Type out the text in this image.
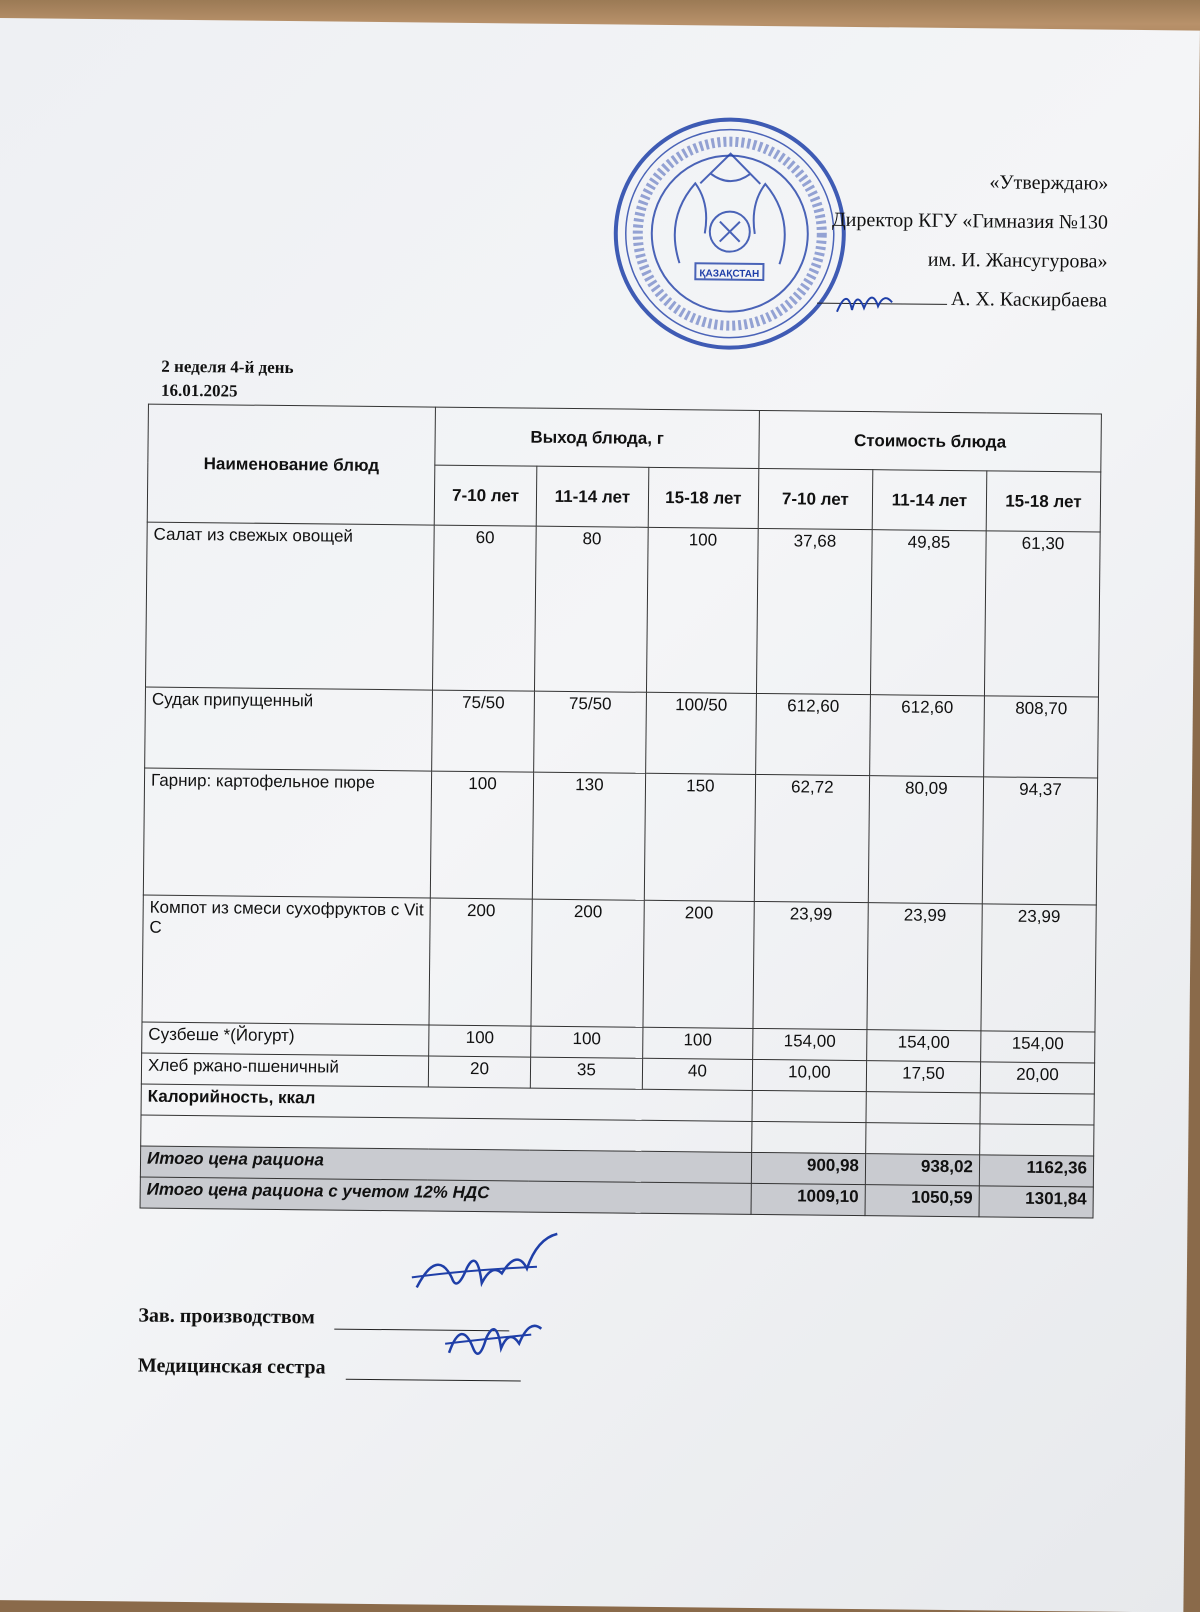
ҚАЗАҚСТАН
«Утверждаю»
Директор КГУ «Гимназия №130
им. И. Жансугурова»
А. Х. Каскирбаева
2 неделя 4-й день
16.01.2025
Наименование блюд	Выход блюда, г			Стоимость блюда		
	7-10 лет	11-14 лет	15-18 лет	7-10 лет	11-14 лет	15-18 лет
Салат из свежых овощей	60	80	100	37,68	49,85	61,30
Судак припущенный	75/50	75/50	100/50	612,60	612,60	808,70
Гарнир: картофельное пюре	100	130	150	62,72	80,09	94,37
Компот из смеси сухофруктов с Vit C	200	200	200	23,99	23,99	23,99
Сузбеше *(Йогурт)	100	100	100	154,00	154,00	154,00
Хлеб ржано-пшеничный	20	35	40	10,00	17,50	20,00
Калорийность, ккал						

Итого цена рациона				900,98	938,02	1162,36
Итого цена рациона с учетом 12% НДС				1009,10	1050,59	1301,84
Зав. производством
Медицинская сестра
